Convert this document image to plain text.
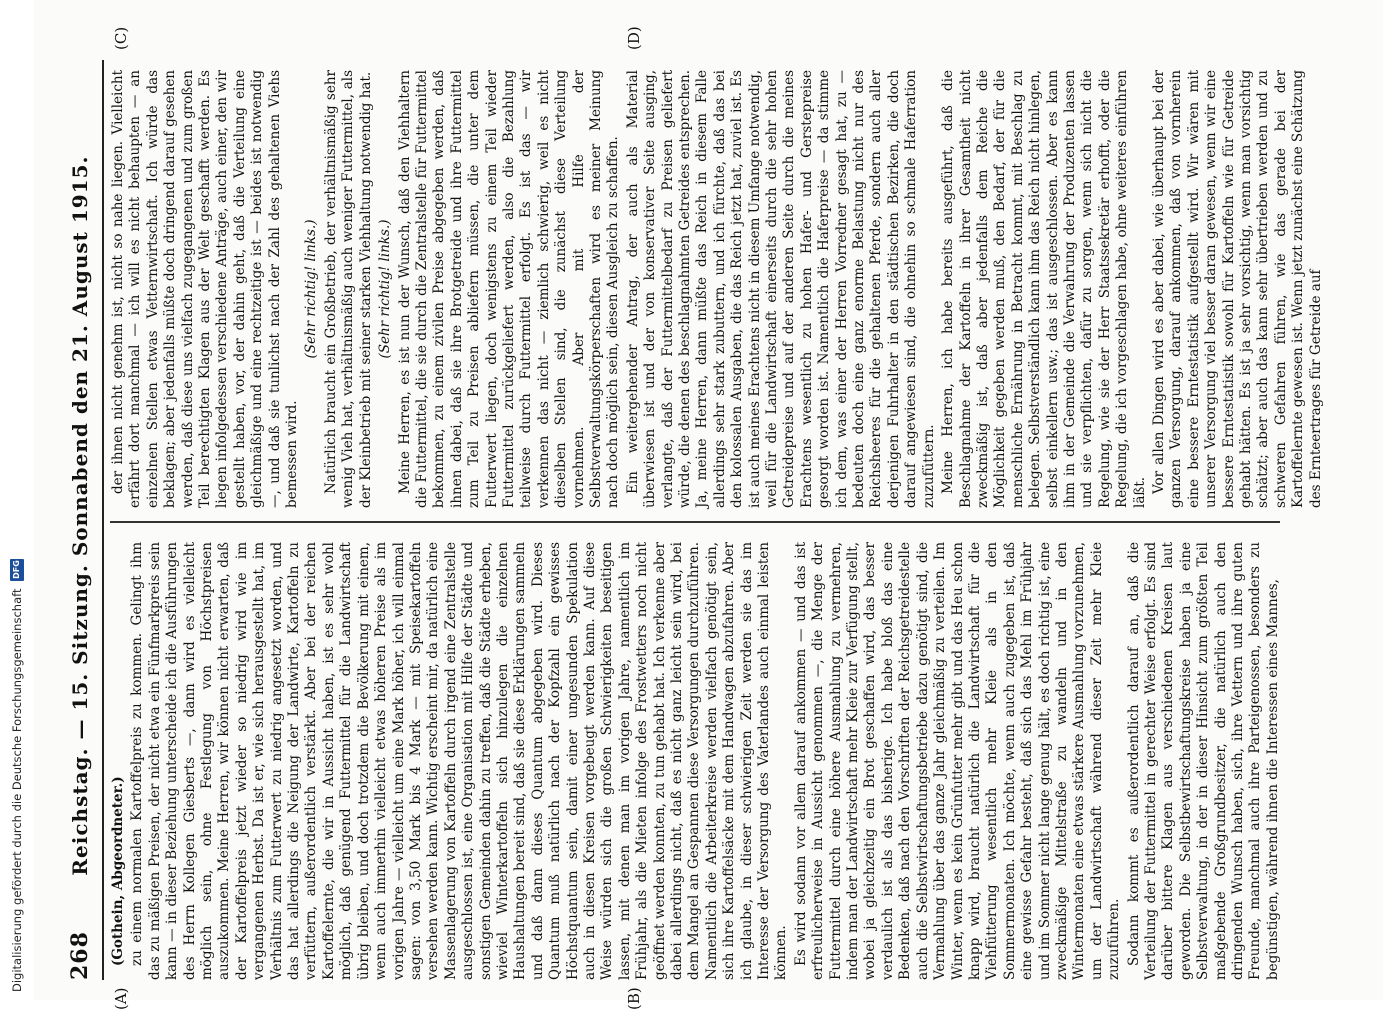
268
Reichstag. — 15. Sitzung. Sonnabend den 21. August 1915.
(A)	(B)
(C)	(D)

(Gothein, Abgeordneter.) zu einem normalen Kartoffelpreis zu kommen. Gelingt ihm das zu mäßigen Preisen, der nicht etwa ein Fünfmarkpreis sein kann — in dieser Beziehung unterscheide ich die Ausführungen des Herrn Kollegen Giesberts —, dann wird es vielleicht möglich sein, ohne Festlegung von Höchstpreisen auszukommen. Meine Herren, wir können nicht erwarten, daß der Kartoffelpreis jetzt wieder so niedrig wird wie im vergangenen Herbst. Da ist er, wie sich herausgestellt hat, im Verhältnis zum Futterwert zu niedrig angesetzt worden, und das hat allerdings die Neigung der Landwirte, Kartoffeln zu verfüttern, außerordentlich verstärkt. Aber bei der reichen Kartoffelernte, die wir in Aussicht haben, ist es sehr wohl möglich, daß genügend Futtermittel für die Landwirtschaft übrig bleiben, und doch trotzdem die Bevölkerung mit einem, wenn auch immerhin vielleicht etwas höheren Preise als im vorigen Jahre — vielleicht um eine Mark höher, ich will einmal sagen: von 3,50 Mark bis 4 Mark — mit Speisekartoffeln versehen werden kann. Wichtig erscheint mir, da natürlich eine Massenlagerung von Kartoffeln durch irgend eine Zentralstelle ausgeschlossen ist, eine Organisation mit Hilfe der Städte und sonstigen Gemeinden dahin zu treffen, daß die Städte erheben, wieviel Winterkartoffeln sich hinzulegen die einzelnen Haushaltungen bereit sind, daß sie diese Erklärungen sammeln und daß dann dieses Quantum abgegeben wird. Dieses Quantum muß natürlich nach der Kopfzahl ein gewisses Höchstquantum sein, damit einer ungesunden Spekulation auch in diesen Kreisen vorgebeugt werden kann. Auf diese Weise würden sich die großen Schwierigkeiten beseitigen lassen, mit denen man im vorigen Jahre, namentlich im Frühjahr, als die Mieten infolge des Frostwetters noch nicht geöffnet werden konnten, zu tun gehabt hat. Ich verkenne aber dabei allerdings nicht, daß es nicht ganz leicht sein wird, bei dem Mangel an Gespannen diese Versorgungen durchzuführen. Namentlich die Arbeiterkreise werden vielfach genötigt sein, sich ihre Kartoffelsäcke mit dem Handwagen abzufahren. Aber ich glaube, in dieser schwierigen Zeit werden sie das im Interesse der Versorgung des Vaterlandes auch einmal leisten können. Es wird sodann vor allem darauf ankommen — und das ist erfreulicherweise in Aussicht genommen —, die Menge der Futtermittel durch eine höhere Ausmahlung zu vermehren, indem man der Landwirtschaft mehr Kleie zur Verfügung stellt, wobei ja gleichzeitig ein Brot geschaffen wird, das besser verdaulich ist als das bisherige. Ich habe bloß das eine Bedenken, daß nach den Vorschriften der Reichsgetreidestelle auch die Selbstwirtschaftungsbetriebe dazu genötigt sind, die Vermahlung über das ganze Jahr gleichmäßig zu verteilen. Im Winter, wenn es kein Grünfutter mehr gibt und das Heu schon knapp wird, braucht natürlich die Landwirtschaft für die Viehfütterung wesentlich mehr Kleie als in den Sommermonaten. Ich möchte, wenn auch zugegeben ist, daß eine gewisse Gefahr besteht, daß sich das Mehl im Frühjahr und im Sommer nicht lange genug hält, es doch richtig ist, eine zweckmäßige Mittelstraße zu wandeln und in den Wintermonaten eine etwas stärkere Ausmahlung vorzunehmen, um der Landwirtschaft während dieser Zeit mehr Kleie zuzuführen. Sodann kommt es außerordentlich darauf an, daß die Verteilung der Futtermittel in gerechter Weise erfolgt. Es sind darüber bittere Klagen aus verschiedenen Kreisen laut geworden. Die Selbstbewirtschaftungskreise haben ja eine Selbstverwaltung, in der in dieser Hinsicht zum größten Teil maßgebende Großgrundbesitzer, die natürlich auch den dringenden Wunsch haben, sich, ihre Vettern und ihre guten Freunde, manchmal auch ihre Parteigenossen, besonders zu begünstigen, während ihnen die Interessen eines Mannes,

der ihnen nicht genehm ist, nicht so nahe liegen. Vielleicht erfährt dort manchmal — ich will es nicht behaupten — an einzelnen Stellen etwas Vetternwirtschaft. Ich würde das beklagen; aber jedenfalls müßte doch dringend darauf gesehen werden, daß diese uns vielfach zugegangenen und zum großen Teil berechtigten Klagen aus der Welt geschafft werden. Es liegen infolgedessen verschiedene Anträge, auch einer, den wir gestellt haben, vor, der dahin geht, daß die Verteilung eine gleichmäßige und eine rechtzeitige ist — beides ist notwendig —, und daß sie tunlichst nach der Zahl des gehaltenen Viehs bemessen wird.

(Sehr richtig! links.) Natürlich braucht ein Großbetrieb, der verhältnismäßig sehr wenig Vieh hat, verhältnismäßig auch weniger Futtermittel, als der Kleinbetrieb mit seiner starken Viehhaltung notwendig hat. (Sehr richtig! links.) Meine Herren, es ist nun der Wunsch, daß den Viehhaltern die Futtermittel, die sie durch die Zentralstelle für Futtermittel bekommen, zu einem zivilen Preise abgegeben werden, daß ihnen dabei, daß sie ihre Brotgetreide und ihre Futtermittel zum Teil zu Preisen abliefern müssen, die unter dem Futterwert liegen, doch wenigstens zu einem Teil wieder Futtermittel zurückgeliefert werden, also die Bezahlung teilweise durch Futtermittel erfolgt. Es ist das — wir verkennen das nicht — ziemlich schwierig, weil es nicht dieselben Stellen sind, die zunächst diese Verteilung vornehmen. Aber mit Hilfe der Selbstverwaltungskörperschaften wird es meiner Meinung nach doch möglich sein, diesen Ausgleich zu schaffen. Ein weitergehender Antrag, der auch als Material überwiesen ist und der von konservativer Seite ausging, verlangte, daß der Futtermittelbedarf zu Preisen geliefert würde, die denen des beschlagnahmten Getreides entsprechen. Ja, meine Herren, dann müßte das Reich in diesem Falle allerdings sehr stark zubuttern, und ich fürchte, daß das bei den kolossalen Ausgaben, die das Reich jetzt hat, zuviel ist. Es ist auch meines Erachtens nicht in diesem Umfange notwendig, weil für die Landwirtschaft einerseits durch die sehr hohen Getreidepreise und auf der anderen Seite durch die meines Erachtens wesentlich zu hohen Hafer- und Gerstepreise gesorgt worden ist. Namentlich die Haferpreise — da stimme ich dem, was einer der Herren Vorredner gesagt hat, zu — bedeuten doch eine ganz enorme Belastung nicht nur des Reichsheeres für die gehaltenen Pferde, sondern auch aller derjenigen Fuhrhalter in den städtischen Bezirken, die doch darauf angewiesen sind, die ohnehin so schmale Haferration zuzufüttern. Meine Herren, ich habe bereits ausgeführt, daß die Beschlagnahme der Kartoffeln in ihrer Gesamtheit nicht zweckmäßig ist, daß aber jedenfalls dem Reiche die Möglichkeit gegeben werden muß, den Bedarf, der für die menschliche Ernährung in Betracht kommt, mit Beschlag zu belegen. Selbstverständlich kann ihm das Reich nicht hinlegen, selbst einkellern usw.; das ist ausgeschlossen. Aber es kann ihm in der Gemeinde die Verwahrung der Produzenten lassen und sie verpflichten, dafür zu sorgen, wenn sich nicht die Regelung, wie sie der Herr Staatssekretär erhofft, oder die Regelung, die ich vorgeschlagen habe, ohne weiteres einführen läßt. Vor allen Dingen wird es aber dabei, wie überhaupt bei der ganzen Versorgung, darauf ankommen, daß von vornherein eine bessere Erntestatistik aufgestellt wird. Wir wären mit unserer Versorgung viel besser daran gewesen, wenn wir eine bessere Erntestatistik sowohl für Kartoffeln wie für Getreide gehabt hätten. Es ist ja sehr vorsichtig, wenn man vorsichtig schätzt; aber auch das kann sehr übertrieben werden und zu schweren Gefahren führen, wie das gerade bei der Kartoffelernte gewesen ist. Wenn jetzt zunächst eine Schätzung des Ernteertrages für Getreide auf

Digitalisierung gefördert durch die Deutsche Forschungsgemeinschaft
DFG
